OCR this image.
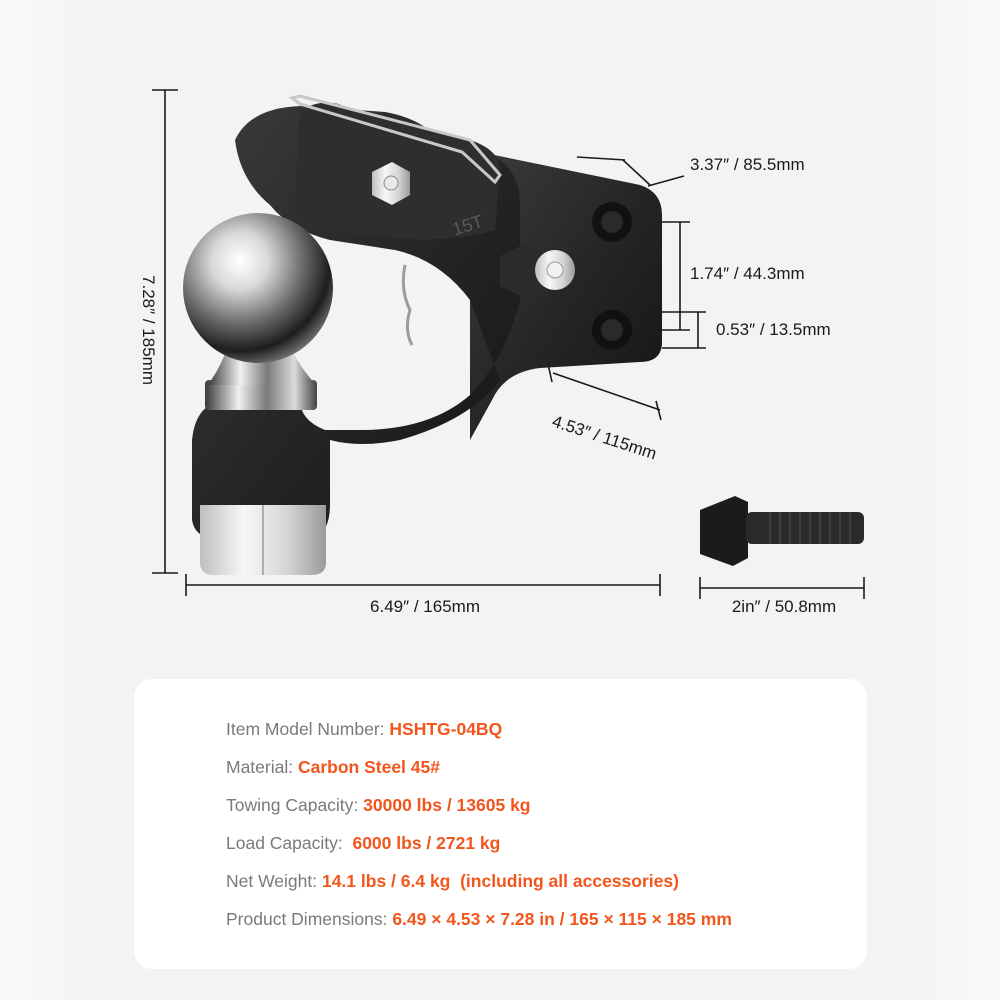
15T
7.28″ / 185mm
6.49″ / 165mm
3.37″ / 85.5mm
1.74″ / 44.3mm
0.53″ / 13.5mm
4.53″ / 115mm
2in″ / 50.8mm
Item Model Number: HSHTG-04BQ
Material: Carbon Steel 45#
Towing Capacity: 30000 lbs / 13605 kg
Load Capacity:  6000 lbs / 2721 kg
Net Weight: 14.1 lbs / 6.4 kg  (including all accessories)
Product Dimensions: 6.49 × 4.53 × 7.28 in / 165 × 115 × 185 mm
